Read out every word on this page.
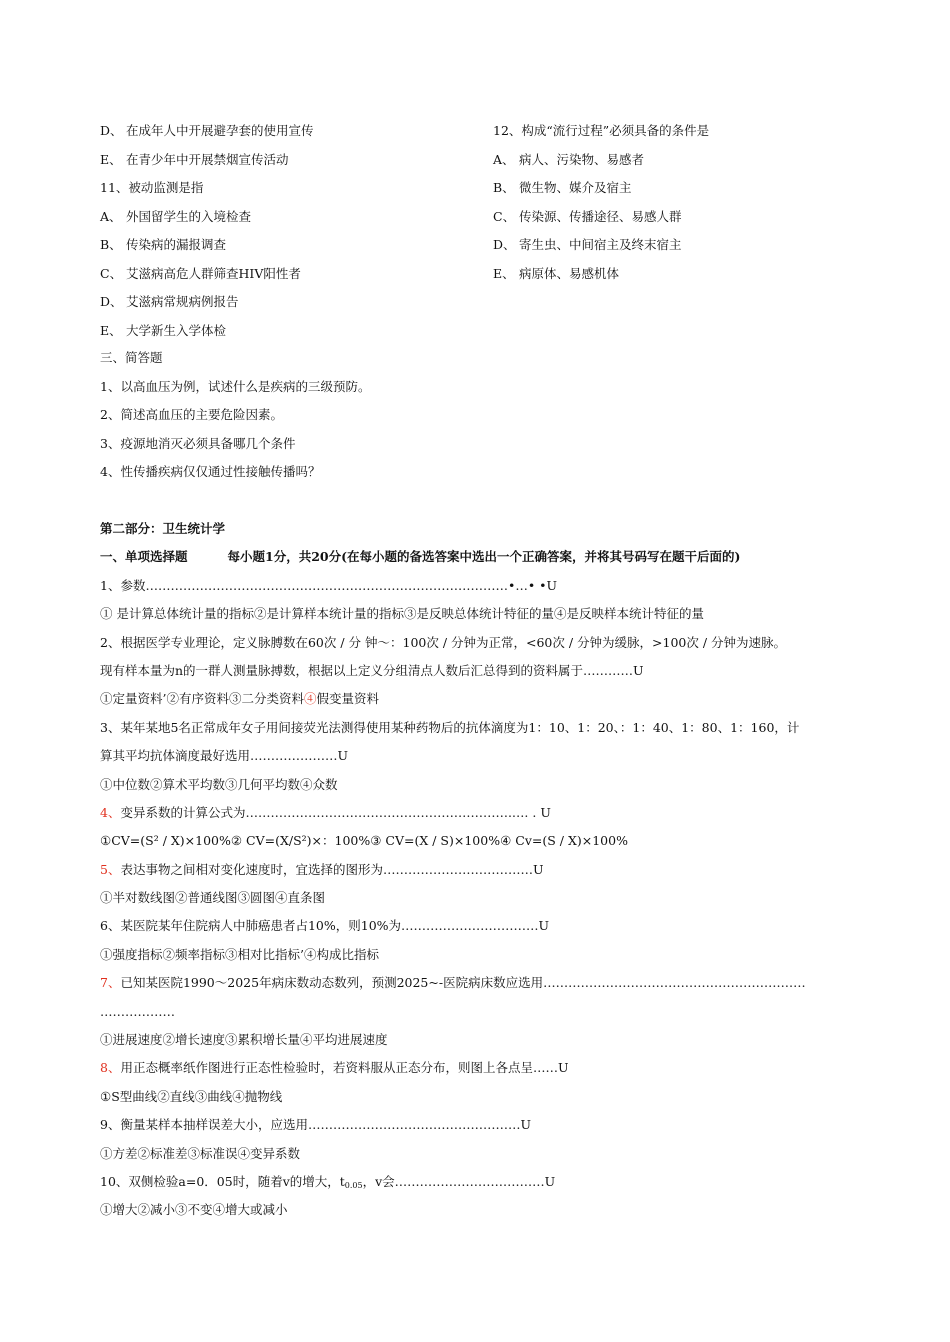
D、 在成年人中开展避孕套的使用宣传
E、 在青少年中开展禁烟宣传活动
11、被动监测是指
A、 外国留学生的入境检查
B、 传染病的漏报调查
C、 艾滋病高危人群筛查HIV阳性者
D、 艾滋病常规病例报告
E、 大学新生入学体检
12、构成“流行过程”必须具备的条件是
A、 病人、污染物、易感者
B、 微生物、媒介及宿主
C、 传染源、传播途径、易感人群
D、 寄生虫、中间宿主及终末宿主
E、 病原体、易感机体
三、简答题
1、以高血压为例，试述什么是疾病的三级预防。
2、简述高血压的主要危险因素。
3、疫源地消灭必须具备哪几个条件
4、性传播疾病仅仅通过性接触传播吗？
第二部分：卫生统计学
一、单项选择题	每小题1分，共20分(在每小题的备选答案中选出一个正确答案，并将其号码写在题干后面的)
1、参数……………………………………………………………………………•…• •U
① 是计算总体统计量的指标②是计算样本统计量的指标③是反映总体统计特征的量④是反映样本统计特征的量
2、根据医学专业理论，定义脉膊数在60次 / 分 钟～：100次 / 分钟为正常，<60次 / 分钟为缓脉，>100次 / 分钟为速脉。
现有样本量为n的一群人测量脉搏数，根据以上定义分组清点人数后汇总得到的资料属于…………U
①定量资料’②有序资料③二分类资料④假变量资料
3、某年某地5名正常成年女子用间接荧光法测得使用某种药物后的抗体滴度为1：10、1：20、：1：40、1：80、1：160，计
算其平均抗体滴度最好选用…………………U
①中位数②算术平均数③几何平均数④众数
4、变异系数的计算公式为……………………………………………………….…. . U
①CV=(S² / X)×100%② CV=(X/S²)×：100%③ CV=(X / S)×100%④ Cv=(S / X)×100%
5、表达事物之间相对变化速度时，宜选择的图形为………………………………U
①半对数线图②普通线图③圆图④直条图
6、某医院某年住院病人中肺癌患者占10%，则10%为……………………………U
①强度指标②频率指标③相对比指标’④构成比指标
7、已知某医院1990～2025年病床数动态数列，预测2025~-医院病床数应选用………………………………………………………
………………
①进展速度②增长速度③累积增长量④平均进展速度
8、用正态概率纸作图进行正态性检验时，若资料服从正态分布，则图上各点呈……U
①S型曲线②直线③曲线④抛物线
9、衡量某样本抽样误差大小，应选用……………………………………………U
①方差②标准差③标准误④变异系数
10、双侧检验a=0．05时，随着v的增大，$t_{0.05}$，v会………………………………U
①增大②减小③不变④增大或减小
